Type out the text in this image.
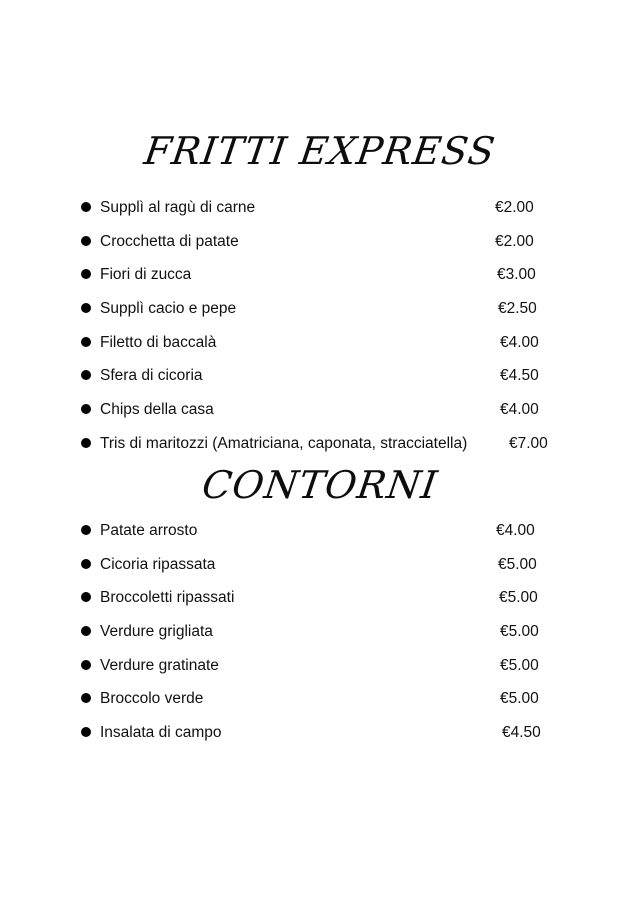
FRITTI EXPRESS
Supplì al ragù di carne	€2.00
Crocchetta di patate	€2.00
Fiori di zucca	€3.00
Supplì cacio e pepe	€2.50
Filetto di baccalà	€4.00
Sfera di cicoria	€4.50
Chips della casa	€4.00
Tris di maritozzi (Amatriciana, caponata, stracciatella)	€7.00
CONTORNI
Patate arrosto	€4.00
Cicoria ripassata	€5.00
Broccoletti ripassati	€5.00
Verdure grigliata	€5.00
Verdure gratinate	€5.00
Broccolo verde	€5.00
Insalata di campo	€4.50
